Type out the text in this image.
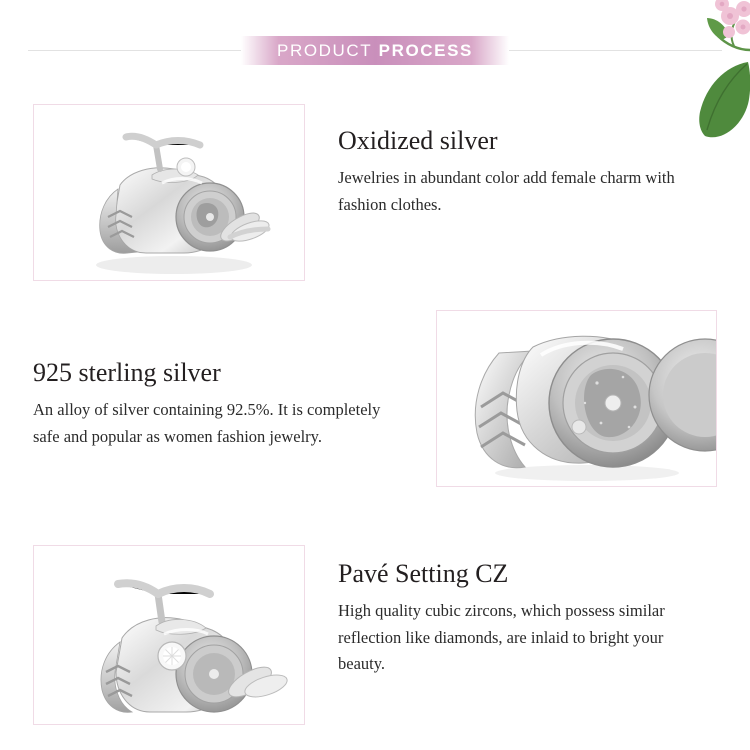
PRODUCT PROCESS
Oxidized silver

Jewelries in abundant color add female charm with fashion clothes.

925 sterling silver

An alloy of silver containing 92.5%. It is completely safe and popular as women fashion jewelry.

Pavé Setting CZ

High quality cubic zircons, which possess similar reflection like diamonds, are inlaid to bright your beauty.
